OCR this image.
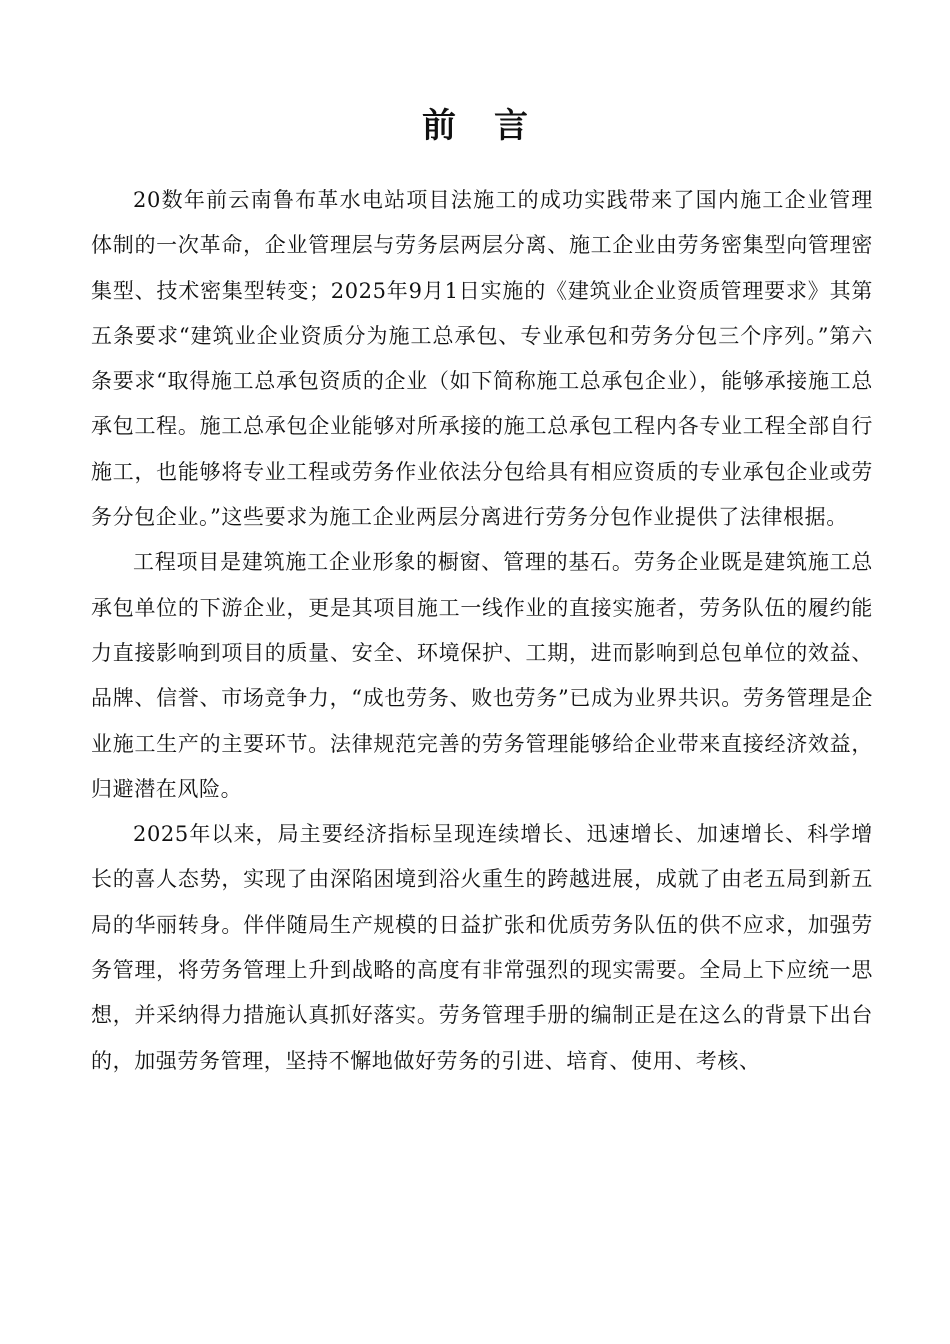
前言

20数年前云南鲁布革水电站项目法施工的成功实践带来了国内施工企业管理体制的一次革命，企业管理层与劳务层两层分离、施工企业由劳务密集型向管理密集型、技术密集型转变；2025年9月1日实施的《建筑业企业资质管理要求》其第五条要求“建筑业企业资质分为施工总承包、专业承包和劳务分包三个序列。”第六条要求“取得施工总承包资质的企业（如下简称施工总承包企业），能够承接施工总承包工程。施工总承包企业能够对所承接的施工总承包工程内各专业工程全部自行施工，也能够将专业工程或劳务作业依法分包给具有相应资质的专业承包企业或劳务分包企业。”这些要求为施工企业两层分离进行劳务分包作业提供了法律根据。

工程项目是建筑施工企业形象的橱窗、管理的基石。劳务企业既是建筑施工总承包单位的下游企业，更是其项目施工一线作业的直接实施者，劳务队伍的履约能力直接影响到项目的质量、安全、环境保护、工期，进而影响到总包单位的效益、品牌、信誉、市场竞争力，“成也劳务、败也劳务”已成为业界共识。劳务管理是企业施工生产的主要环节。法律规范完善的劳务管理能够给企业带来直接经济效益，归避潜在风险。

2025年以来，局主要经济指标呈现连续增长、迅速增长、加速增长、科学增长的喜人态势，实现了由深陷困境到浴火重生的跨越进展，成就了由老五局到新五局的华丽转身。伴伴随局生产规模的日益扩张和优质劳务队伍的供不应求，加强劳务管理，将劳务管理上升到战略的高度有非常强烈的现实需要。全局上下应统一思想，并采纳得力措施认真抓好落实。劳务管理手册的编制正是在这么的背景下出台的，加强劳务管理，坚持不懈地做好劳务的引进、培育、使用、考核、
